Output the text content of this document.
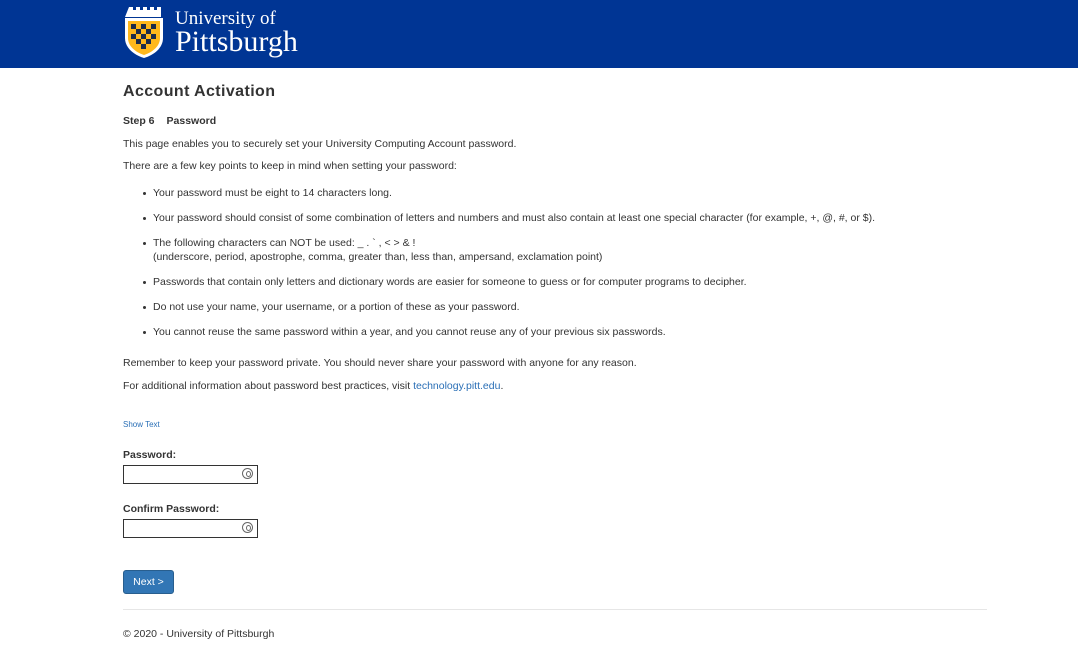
University of
Pittsburgh
Account Activation
Step 6 Password
This page enables you to securely set your University Computing Account password.
There are a few key points to keep in mind when setting your password:
Your password must be eight to 14 characters long.
Your password should consist of some combination of letters and numbers and must also contain at least one special character (for example, +, @, #, or $).
The following characters can NOT be used: _ . ` , < > & !
(underscore, period, apostrophe, comma, greater than, less than, ampersand, exclamation point)
Passwords that contain only letters and dictionary words are easier for someone to guess or for computer programs to decipher.
Do not use your name, your username, or a portion of these as your password.
You cannot reuse the same password within a year, and you cannot reuse any of your previous six passwords.
Remember to keep your password private. You should never share your password with anyone for any reason.
For additional information about password best practices, visit technology.pitt.edu.
Show Text
Password:
Confirm Password:
Next >
© 2020 - University of Pittsburgh
